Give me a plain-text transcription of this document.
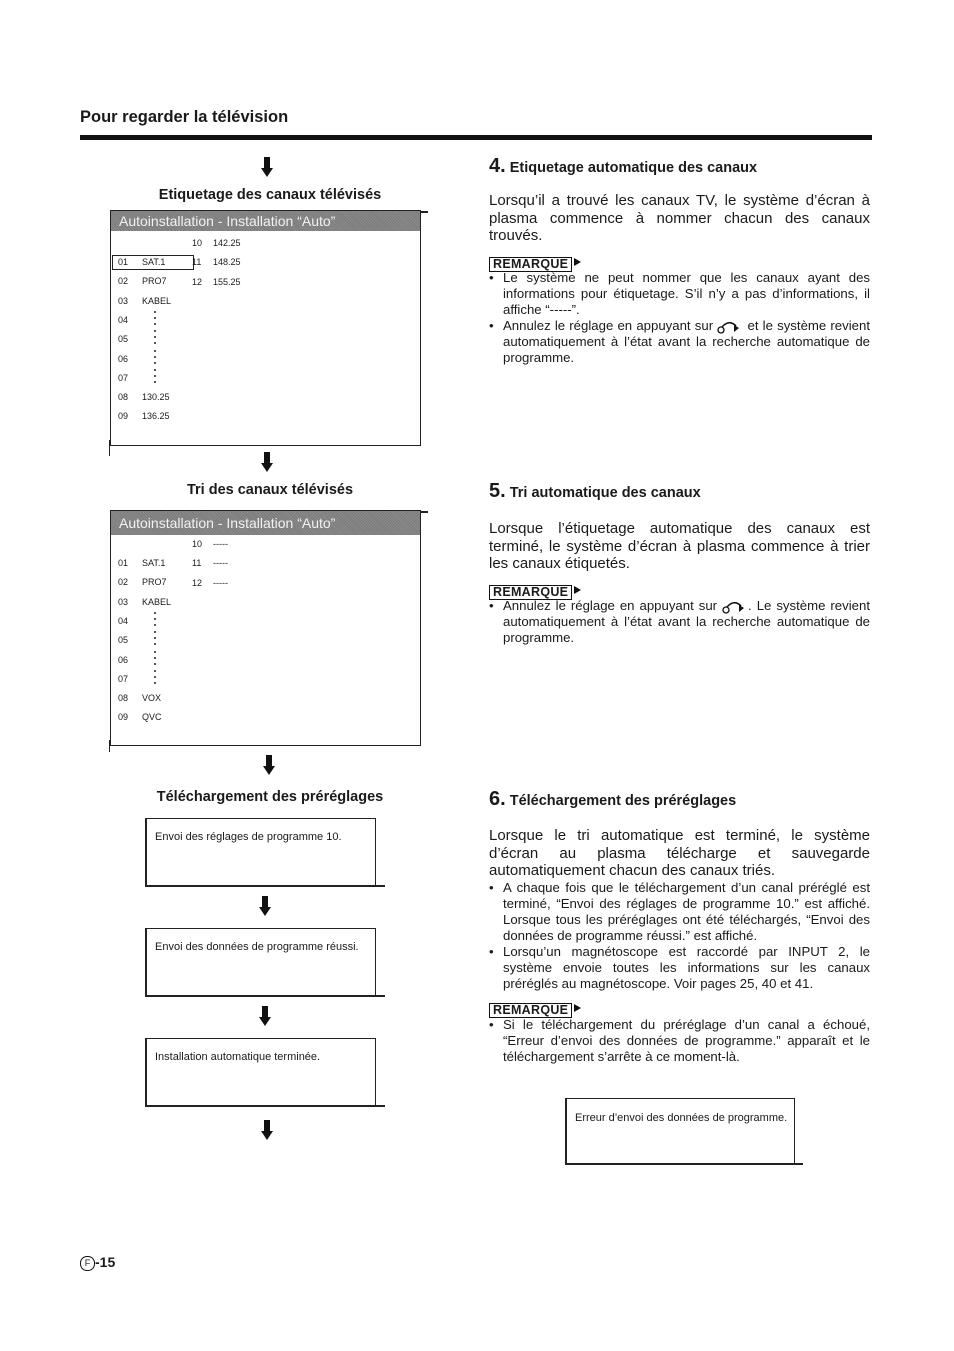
Pour regarder la télévision
Etiquetage des canaux télévisés
Autoinstallation - Installation “Auto”
01 SAT.1
02 PRO7
03 KABEL
04
05
06
07
08 130.25
09 136.25
10 142.25
11 148.25
12 155.25
Tri des canaux télévisés
Autoinstallation - Installation “Auto”
01 SAT.1
02 PRO7
03 KABEL
04
05
06
07
08 VOX
09 QVC
10 -----
11 -----
12 -----
Téléchargement des préréglages
Envoi des réglages de programme 10.
Envoi des données de programme réussi.
Installation automatique terminée.
4. Etiquetage automatique des canaux
Lorsqu’il a trouvé les canaux TV, le système d’écran à plasma commence à nommer chacun des canaux trouvés.
REMARQUE

• Le système ne peut nommer que les canaux ayant des informations pour étiquetage. S’il n’y a pas d’informations, il affiche “-----”.

• Annulez le réglage en appuyant sur	et le système revient automatiquement à l’état avant la recherche automatique de programme.

5. Tri automatique des canaux
Lorsque l’étiquetage automatique des canaux est terminé, le système d’écran à plasma commence à trier les canaux étiquetés.
REMARQUE

• Annulez le réglage en appuyant sur . Le système revient automatiquement à l’état avant la recherche automatique de programme.

6. Téléchargement des préréglages
Lorsque le tri automatique est terminé, le système d’écran au plasma télécharge et sauvegarde automatiquement chacun des canaux triés.

• A chaque fois que le téléchargement d’un canal préréglé est terminé, “Envoi des réglages de programme 10.” est affiché. Lorsque tous les préréglages ont été téléchargés, “Envoi des données de programme réussi.” est affiché.

• Lorsqu’un magnétoscope est raccordé par INPUT 2, le système envoie toutes les informations sur les canaux préréglés au magnétoscope. Voir pages 25, 40 et 41.

REMARQUE

• Si le téléchargement du préréglage d’un canal a échoué, “Erreur d’envoi des données de programme.” apparaît et le téléchargement s’arrête à ce moment-là.

Erreur d’envoi des données de programme.
F -15
